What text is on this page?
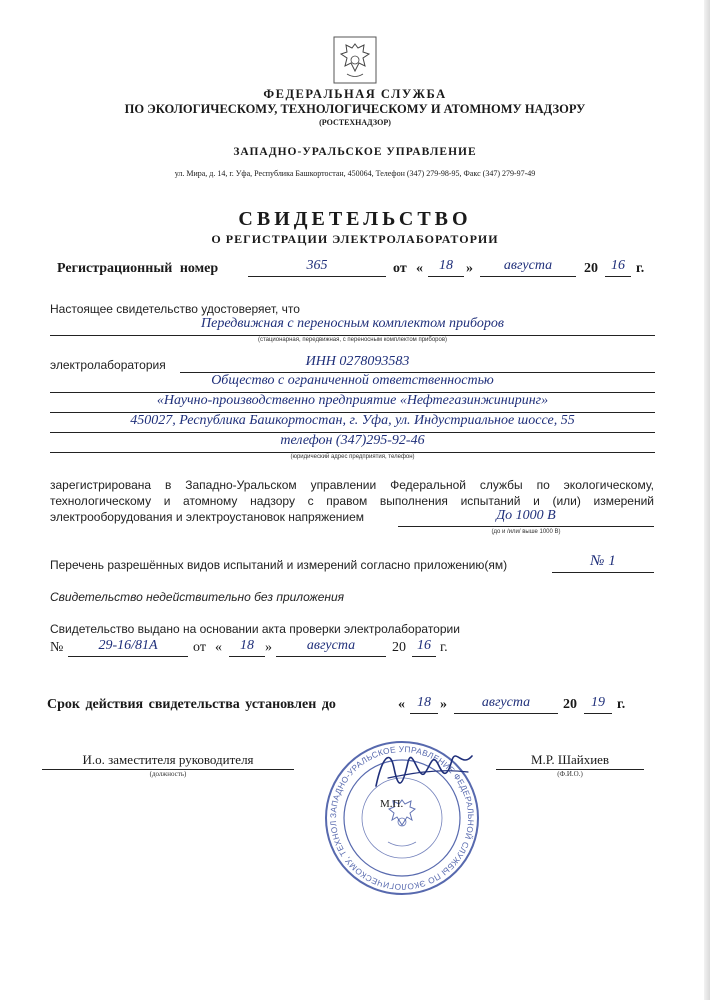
ФЕДЕРАЛЬНАЯ СЛУЖБА
ПО ЭКОЛОГИЧЕСКОМУ, ТЕХНОЛОГИЧЕСКОМУ И АТОМНОМУ НАДЗОРУ
(РОСТЕХНАДЗОР)
ЗАПАДНО-УРАЛЬСКОЕ УПРАВЛЕНИЕ
ул. Мира, д. 14, г. Уфа, Республика Башкортостан, 450064, Телефон (347) 279-98-95, Факс (347) 279-97-49
СВИДЕТЕЛЬСТВО
О РЕГИСТРАЦИИ ЭЛЕКТРОЛАБОРАТОРИИ
Регистрационный номер	365	от «	18 »	августа	20 16 г.
Настоящее свидетельство удостоверяет, что
Передвижная с переносным комплектом приборов
(стационарная, передвижная, с переносным комплектом приборов)
электролаборатория	ИНН 0278093583
Общество с ограниченной ответственностью
«Научно-производственно предприятие «Нефтегазинжиниринг»
450027, Республика Башкортостан, г. Уфа, ул. Индустриальное шоссе, 55
телефон (347)295-92-46
(юридический адрес предприятия, телефон)
зарегистрирована в Западно-Уральском управлении Федеральной службы по экологическому,
технологическому и атомному надзору с правом выполнения испытаний и (или) измерений
электрооборудования и электроустановок напряжением	До 1000 В
(до и /или/ выше 1000 В)
Перечень разрешённых видов испытаний и измерений согласно приложению(ям)	№ 1
Свидетельство недействительно без приложения
Свидетельство выдано на основании акта проверки электролаборатории
№	29-16/81А	от «	18 »	августа	20 16 г.
Срок действия свидетельства установлен до	« 18 »	августа	20	19 г.
И.о. заместителя руководителя
(должность)
М.Р. Шайхиев
(Ф.И.О.)
ЗАПАДНО-УРАЛЬСКОЕ УПРАВЛЕНИЕ ФЕДЕРАЛЬНОЙ СЛУЖБЫ ПО ЭКОЛОГИЧЕСКОМУ, ТЕХНОЛ
М.П.
